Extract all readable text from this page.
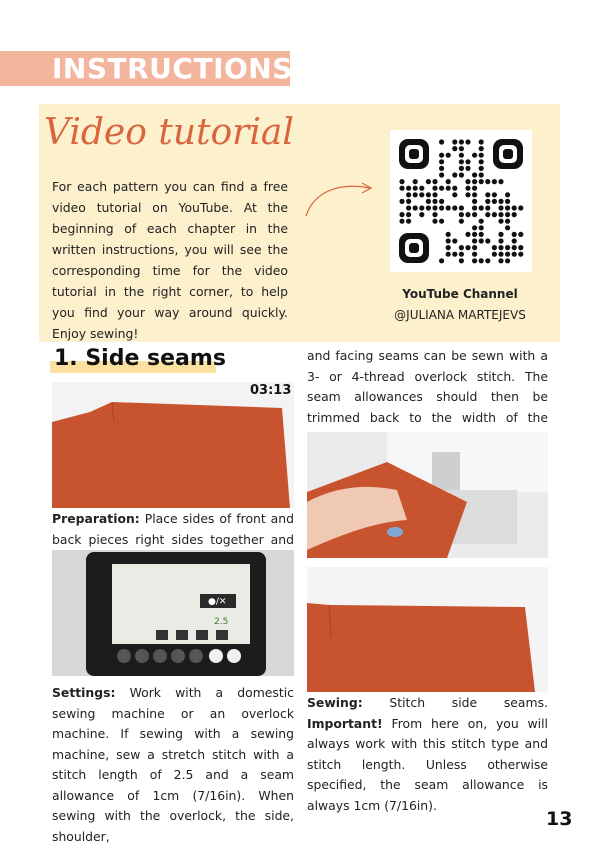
INSTRUCTIONS
Video tutorial
For each pattern you can find a free video tutorial on YouTube. At the beginning of each chapter in the written instructions, you will see the corresponding time for the video tutorial in the right corner, to help you find your way around quickly. Enjoy sewing!
YouTube Channel
@JULIANA MARTEJEVS
1. Side seams
03:13
Preparation: Place sides of front and back pieces right sides together and
●/✕
2.5
Settings: Work with a domestic sewing machine or an overlock machine. If sewing with a sewing machine, sew a stretch stitch with a stitch length of 2.5 and a seam allowance of 1cm (7/16in). When sewing with the overlock, the side, shoulder,
and facing seams can be sewn with a 3- or 4-thread overlock stitch. The seam allowances should then be trimmed back to the width of the
Sewing: Stitch side seams. Important! From here on, you will always work with this stitch type and stitch length. Unless otherwise specified, the seam allowance is always 1cm (7/16in).
13
